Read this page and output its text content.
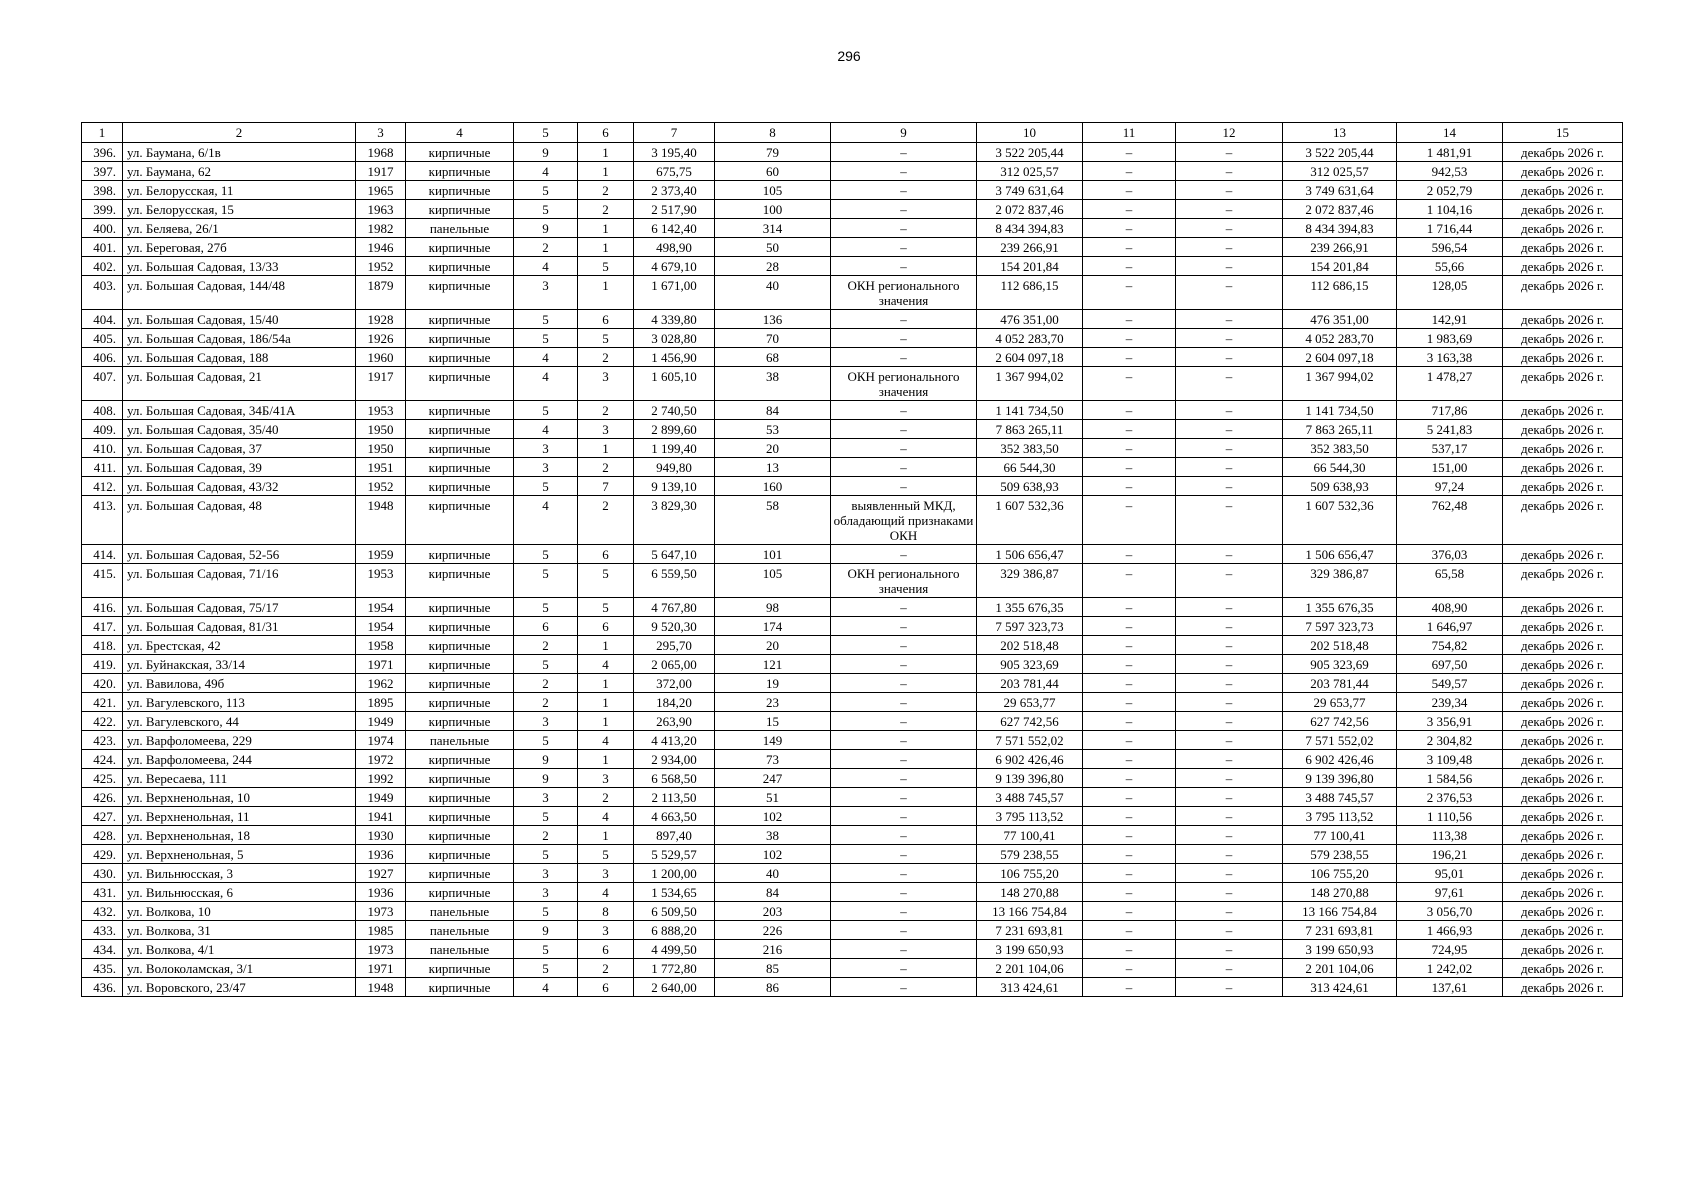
296
1	2	3	4	5	6	7	8	9	10	11	12	13	14	15
396.	ул. Баумана, 6/1в	1968	кирпичные	9	1	3 195,40	79	–	3 522 205,44	–	–	3 522 205,44	1 481,91	декабрь 2026 г.
397.	ул. Баумана, 62	1917	кирпичные	4	1	675,75	60	–	312 025,57	–	–	312 025,57	942,53	декабрь 2026 г.
398.	ул. Белорусская, 11	1965	кирпичные	5	2	2 373,40	105	–	3 749 631,64	–	–	3 749 631,64	2 052,79	декабрь 2026 г.
399.	ул. Белорусская, 15	1963	кирпичные	5	2	2 517,90	100	–	2 072 837,46	–	–	2 072 837,46	1 104,16	декабрь 2026 г.
400.	ул. Беляева, 26/1	1982	панельные	9	1	6 142,40	314	–	8 434 394,83	–	–	8 434 394,83	1 716,44	декабрь 2026 г.
401.	ул. Береговая, 27б	1946	кирпичные	2	1	498,90	50	–	239 266,91	–	–	239 266,91	596,54	декабрь 2026 г.
402.	ул. Большая Садовая, 13/33	1952	кирпичные	4	5	4 679,10	28	–	154 201,84	–	–	154 201,84	55,66	декабрь 2026 г.
403.	ул. Большая Садовая, 144/48	1879	кирпичные	3	1	1 671,00	40	ОКН регионального значения	112 686,15	–	–	112 686,15	128,05	декабрь 2026 г.
404.	ул. Большая Садовая, 15/40	1928	кирпичные	5	6	4 339,80	136	–	476 351,00	–	–	476 351,00	142,91	декабрь 2026 г.
405.	ул. Большая Садовая, 186/54а	1926	кирпичные	5	5	3 028,80	70	–	4 052 283,70	–	–	4 052 283,70	1 983,69	декабрь 2026 г.
406.	ул. Большая Садовая, 188	1960	кирпичные	4	2	1 456,90	68	–	2 604 097,18	–	–	2 604 097,18	3 163,38	декабрь 2026 г.
407.	ул. Большая Садовая, 21	1917	кирпичные	4	3	1 605,10	38	ОКН регионального значения	1 367 994,02	–	–	1 367 994,02	1 478,27	декабрь 2026 г.
408.	ул. Большая Садовая, 34Б/41А	1953	кирпичные	5	2	2 740,50	84	–	1 141 734,50	–	–	1 141 734,50	717,86	декабрь 2026 г.
409.	ул. Большая Садовая, 35/40	1950	кирпичные	4	3	2 899,60	53	–	7 863 265,11	–	–	7 863 265,11	5 241,83	декабрь 2026 г.
410.	ул. Большая Садовая, 37	1950	кирпичные	3	1	1 199,40	20	–	352 383,50	–	–	352 383,50	537,17	декабрь 2026 г.
411.	ул. Большая Садовая, 39	1951	кирпичные	3	2	949,80	13	–	66 544,30	–	–	66 544,30	151,00	декабрь 2026 г.
412.	ул. Большая Садовая, 43/32	1952	кирпичные	5	7	9 139,10	160	–	509 638,93	–	–	509 638,93	97,24	декабрь 2026 г.
413.	ул. Большая Садовая, 48	1948	кирпичные	4	2	3 829,30	58	выявленный МКД, обладающий признаками ОКН	1 607 532,36	–	–	1 607 532,36	762,48	декабрь 2026 г.
414.	ул. Большая Садовая, 52-56	1959	кирпичные	5	6	5 647,10	101	–	1 506 656,47	–	–	1 506 656,47	376,03	декабрь 2026 г.
415.	ул. Большая Садовая, 71/16	1953	кирпичные	5	5	6 559,50	105	ОКН регионального значения	329 386,87	–	–	329 386,87	65,58	декабрь 2026 г.
416.	ул. Большая Садовая, 75/17	1954	кирпичные	5	5	4 767,80	98	–	1 355 676,35	–	–	1 355 676,35	408,90	декабрь 2026 г.
417.	ул. Большая Садовая, 81/31	1954	кирпичные	6	6	9 520,30	174	–	7 597 323,73	–	–	7 597 323,73	1 646,97	декабрь 2026 г.
418.	ул. Брестская, 42	1958	кирпичные	2	1	295,70	20	–	202 518,48	–	–	202 518,48	754,82	декабрь 2026 г.
419.	ул. Буйнакская, 33/14	1971	кирпичные	5	4	2 065,00	121	–	905 323,69	–	–	905 323,69	697,50	декабрь 2026 г.
420.	ул. Вавилова, 49б	1962	кирпичные	2	1	372,00	19	–	203 781,44	–	–	203 781,44	549,57	декабрь 2026 г.
421.	ул. Вагулевского, 113	1895	кирпичные	2	1	184,20	23	–	29 653,77	–	–	29 653,77	239,34	декабрь 2026 г.
422.	ул. Вагулевского, 44	1949	кирпичные	3	1	263,90	15	–	627 742,56	–	–	627 742,56	3 356,91	декабрь 2026 г.
423.	ул. Варфоломеева, 229	1974	панельные	5	4	4 413,20	149	–	7 571 552,02	–	–	7 571 552,02	2 304,82	декабрь 2026 г.
424.	ул. Варфоломеева, 244	1972	кирпичные	9	1	2 934,00	73	–	6 902 426,46	–	–	6 902 426,46	3 109,48	декабрь 2026 г.
425.	ул. Вересаева, 111	1992	кирпичные	9	3	6 568,50	247	–	9 139 396,80	–	–	9 139 396,80	1 584,56	декабрь 2026 г.
426.	ул. Верхненольная, 10	1949	кирпичные	3	2	2 113,50	51	–	3 488 745,57	–	–	3 488 745,57	2 376,53	декабрь 2026 г.
427.	ул. Верхненольная, 11	1941	кирпичные	5	4	4 663,50	102	–	3 795 113,52	–	–	3 795 113,52	1 110,56	декабрь 2026 г.
428.	ул. Верхненольная, 18	1930	кирпичные	2	1	897,40	38	–	77 100,41	–	–	77 100,41	113,38	декабрь 2026 г.
429.	ул. Верхненольная, 5	1936	кирпичные	5	5	5 529,57	102	–	579 238,55	–	–	579 238,55	196,21	декабрь 2026 г.
430.	ул. Вильнюсская, 3	1927	кирпичные	3	3	1 200,00	40	–	106 755,20	–	–	106 755,20	95,01	декабрь 2026 г.
431.	ул. Вильнюсская, 6	1936	кирпичные	3	4	1 534,65	84	–	148 270,88	–	–	148 270,88	97,61	декабрь 2026 г.
432.	ул. Волкова, 10	1973	панельные	5	8	6 509,50	203	–	13 166 754,84	–	–	13 166 754,84	3 056,70	декабрь 2026 г.
433.	ул. Волкова, 31	1985	панельные	9	3	6 888,20	226	–	7 231 693,81	–	–	7 231 693,81	1 466,93	декабрь 2026 г.
434.	ул. Волкова, 4/1	1973	панельные	5	6	4 499,50	216	–	3 199 650,93	–	–	3 199 650,93	724,95	декабрь 2026 г.
435.	ул. Волоколамская, 3/1	1971	кирпичные	5	2	1 772,80	85	–	2 201 104,06	–	–	2 201 104,06	1 242,02	декабрь 2026 г.
436.	ул. Воровского, 23/47	1948	кирпичные	4	6	2 640,00	86	–	313 424,61	–	–	313 424,61	137,61	декабрь 2026 г.
